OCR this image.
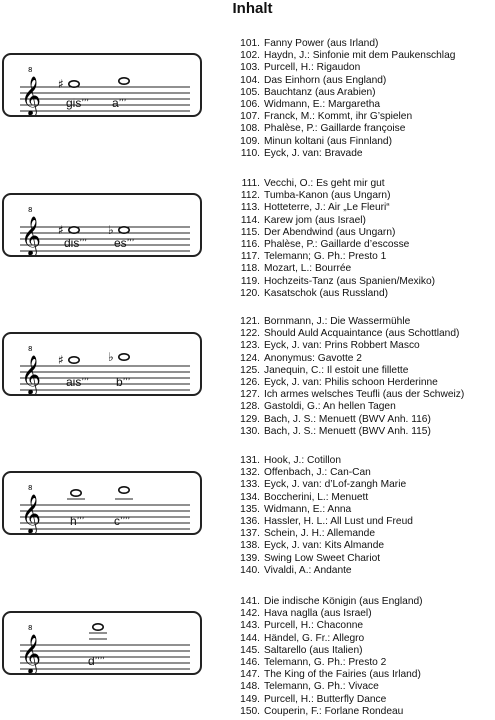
Inhalt
𝄞
8
♯
gis’’’ a’’’
101. Fanny Power (aus Irland)
102. Haydn, J.: Sinfonie mit dem Paukenschlag
103. Purcell, H.: Rigaudon
104. Das Einhorn (aus England)
105. Bauchtanz (aus Arabien)
106. Widmann, E.: Margaretha
107. Franck, M.: Kommt, ihr G’spielen
108. Phalèse, P.: Gaillarde françoise
109. Minun koltani (aus Finnland)
110. Eyck, J. van: Bravade
𝄞
8
♯	♭
dis’’’ es’’’
111. Vecchi, O.: Es geht mir gut
112. Tumba-Kanon (aus Ungarn)
113. Hotteterre, J.: Air „Le Fleuri“
114. Karew jom (aus Israel)
115. Der Abendwind (aus Ungarn)
116. Phalèse, P.: Gaillarde d’escosse
117. Telemann; G. Ph.: Presto 1
118. Mozart, L.: Bourrée
119. Hochzeits-Tanz (aus Spanien/Mexiko)
120. Kasatschok (aus Russland)
𝄞
8
♯	♭
ais’’’ b’’’
121. Bornmann, J.: Die Wassermühle
122. Should Auld Acquaintance (aus Schottland)
123. Eyck, J. van: Prins Robbert Masco
124. Anonymus: Gavotte 2
125. Janequin, C.: Il estoit une fillette
126. Eyck, J. van: Philis schoon Herderinne
127. Ich armes welsches Teufli (aus der Schweiz)
128. Gastoldi, G.: An hellen Tagen
129. Bach, J. S.: Menuett (BWV Anh. 116)
130. Bach, J. S.: Menuett (BWV Anh. 115)
𝄞
8
h’’’ c’’’’
131. Hook, J.: Cotillon
132. Offenbach, J.: Can-Can
133. Eyck, J. van: d’Lof-zangh Marie
134. Boccherini, L.: Menuett
135. Widmann, E.: Anna
136. Hassler, H. L.: All Lust und Freud
137. Schein, J. H.: Allemande
138. Eyck, J. van: Kits Almande
139. Swing Low Sweet Chariot
140. Vivaldi, A.: Andante
𝄞
8
d’’’’
141. Die indische Königin (aus England)
142. Hava naglla (aus Israel)
143. Purcell, H.: Chaconne
144. Händel, G. Fr.: Allegro
145. Saltarello (aus Italien)
146. Telemann, G. Ph.: Presto 2
147. The King of the Fairies (aus Irland)
148. Telemann, G. Ph.: Vivace
149. Purcell, H.: Butterfly Dance
150. Couperin, F.: Forlane Rondeau
